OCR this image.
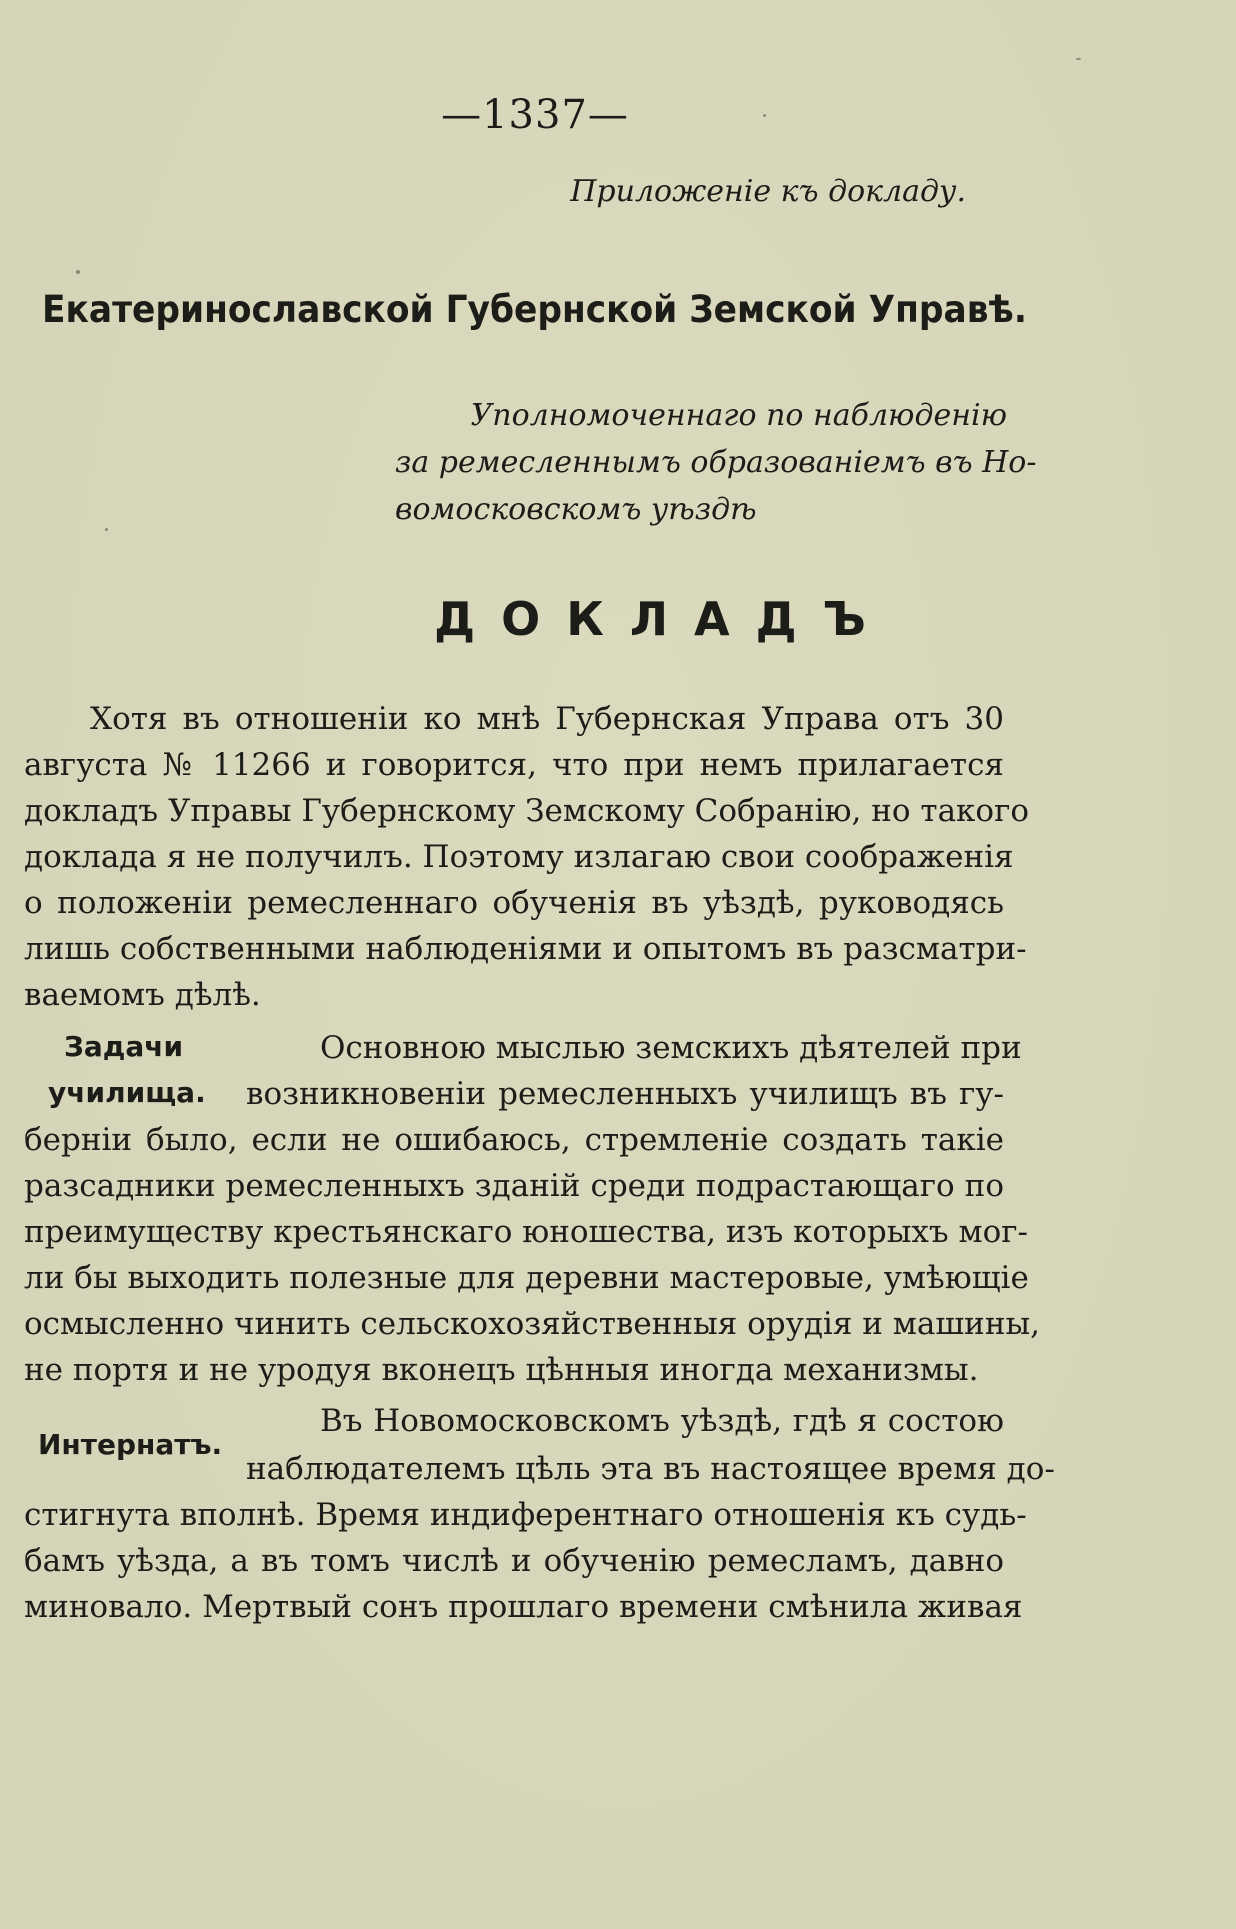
—1337—
Приложеніе къ докладу.
Екатеринославской Губернской Земской Управѣ.
Уполномоченнаго по наблюденію
за ремесленнымъ образованіемъ въ Но-
вомосковскомъ уѣздѣ
ДОКЛАДЪ
Хотя въ отношеніи ко мнѣ Губернская Управа отъ 30
августа № 11266 и говорится, что при немъ прилагается
докладъ Управы Губернскому Земскому Собранію, но такого
доклада я не получилъ. Поэтому излагаю свои соображенія
о положеніи ремесленнаго обученія въ уѣздѣ, руководясь
лишь собственными наблюденіями и опытомъ въ разсматри-
ваемомъ дѣлѣ.
Задачи
училища.
Основною мыслью земскихъ дѣятелей при
возникновеніи ремесленныхъ училищъ въ гу-
берніи было, если не ошибаюсь, стремленіе создать такіе
разсадники ремесленныхъ зданій среди подрастающаго по
преимуществу крестьянскаго юношества, изъ которыхъ мог-
ли бы выходить полезные для деревни мастеровые, умѣющіе
осмысленно чинить сельскохозяйственныя орудія и машины,
не портя и не уродуя вконецъ цѣнныя иногда механизмы.
Интернатъ.
Въ Новомосковскомъ уѣздѣ, гдѣ я состою
наблюдателемъ цѣль эта въ настоящее время до-
стигнута вполнѣ. Время индиферентнаго отношенія къ судь-
бамъ уѣзда, а въ томъ числѣ и обученію ремесламъ, давно
миновало. Мертвый сонъ прошлаго времени смѣнила живая
